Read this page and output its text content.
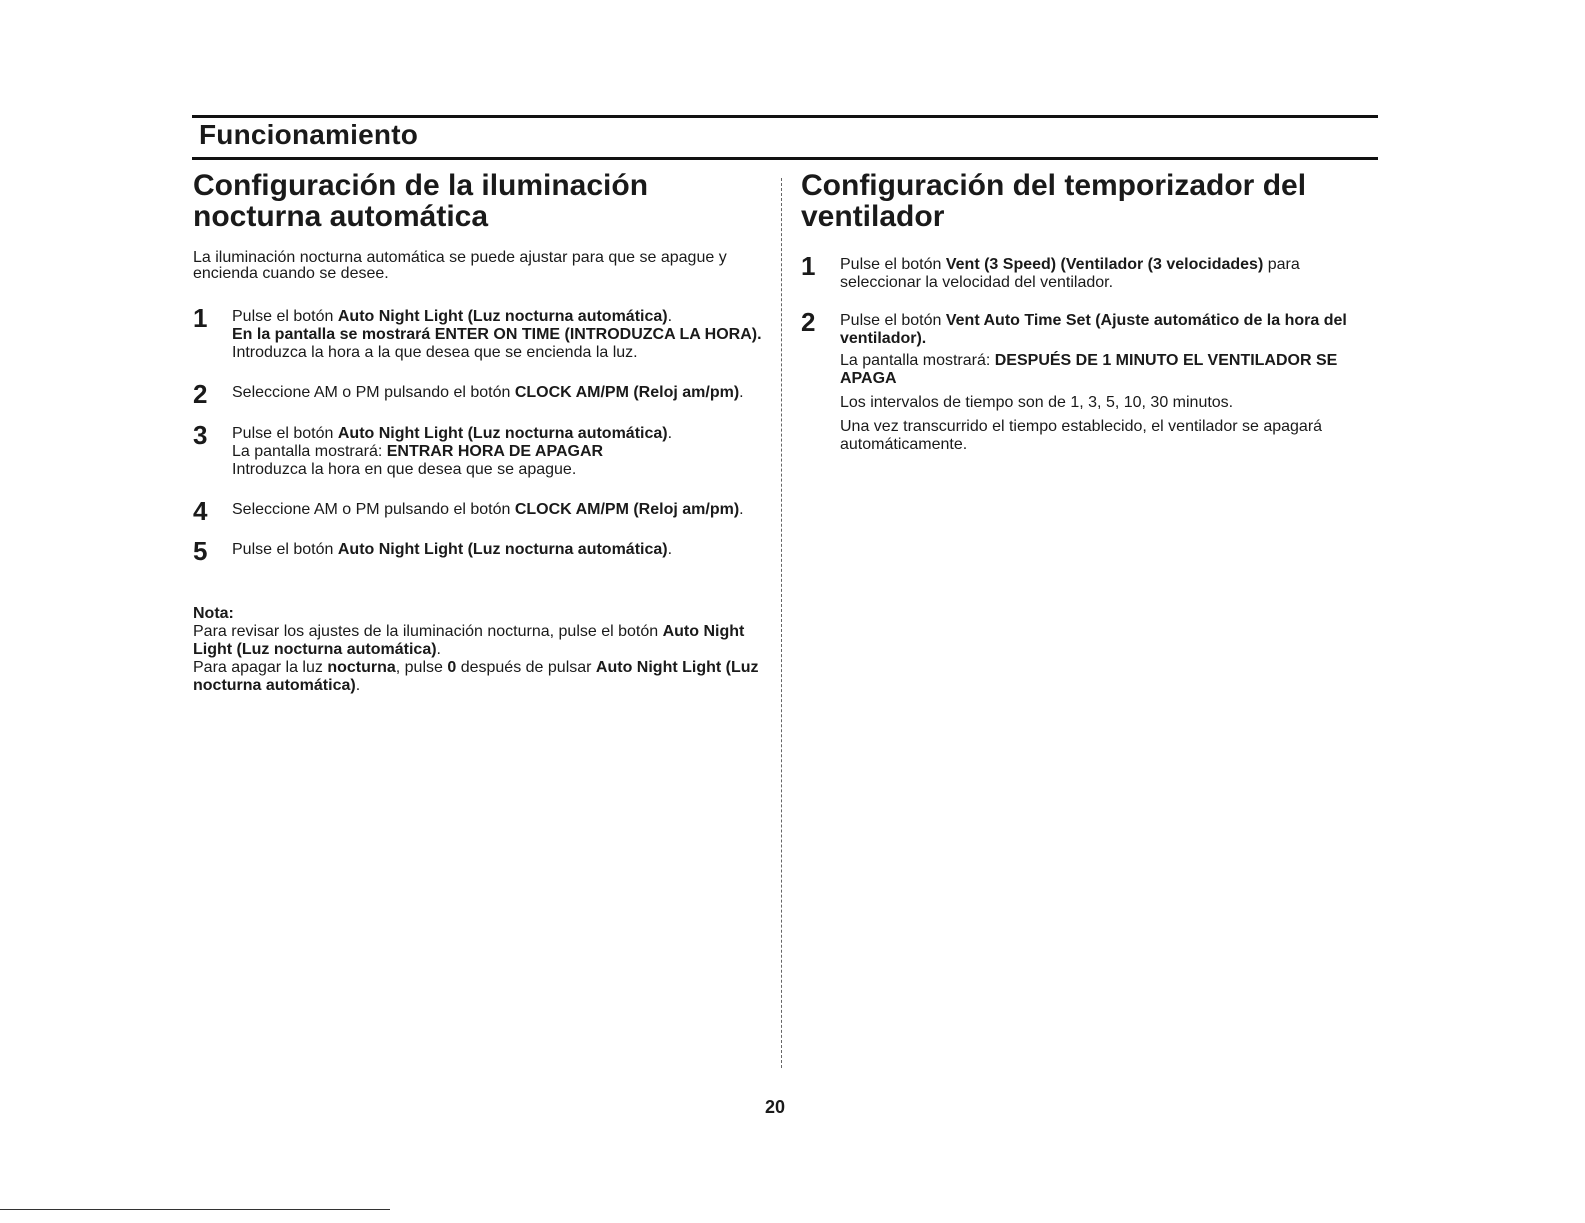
Funcionamiento
Configuración de la iluminación
nocturna automática

La iluminación nocturna automática se puede ajustar para que se apague y encienda cuando se desee.

1 Pulse el botón Auto Night Light (Luz nocturna automática).

En la pantalla se mostrará ENTER ON TIME (INTRODUZCA LA HORA).

Introduzca la hora a la que desea que se encienda la luz.

2 Seleccione AM o PM pulsando el botón CLOCK AM/PM (Reloj am/pm).

3 Pulse el botón Auto Night Light (Luz nocturna automática).

La pantalla mostrará: ENTRAR HORA DE APAGAR

Introduzca la hora en que desea que se apague.

4 Seleccione AM o PM pulsando el botón CLOCK AM/PM (Reloj am/pm).

5 Pulse el botón Auto Night Light (Luz nocturna automática).

Nota:

Para revisar los ajustes de la iluminación nocturna, pulse el botón Auto Night Light (Luz nocturna automática).

Para apagar la luz nocturna, pulse 0 después de pulsar Auto Night Light (Luz nocturna automática).

Configuración del temporizador del
ventilador
1 Pulse el botón Vent (3 Speed) (Ventilador (3 velocidades) para seleccionar la velocidad del ventilador.

2 Pulse el botón Vent Auto Time Set (Ajuste automático de la hora del ventilador).

La pantalla mostrará: DESPUÉS DE 1 MINUTO EL VENTILADOR SE APAGA

Los intervalos de tiempo son de 1, 3, 5, 10, 30 minutos.

Una vez transcurrido el tiempo establecido, el ventilador se apagará automáticamente.

20
